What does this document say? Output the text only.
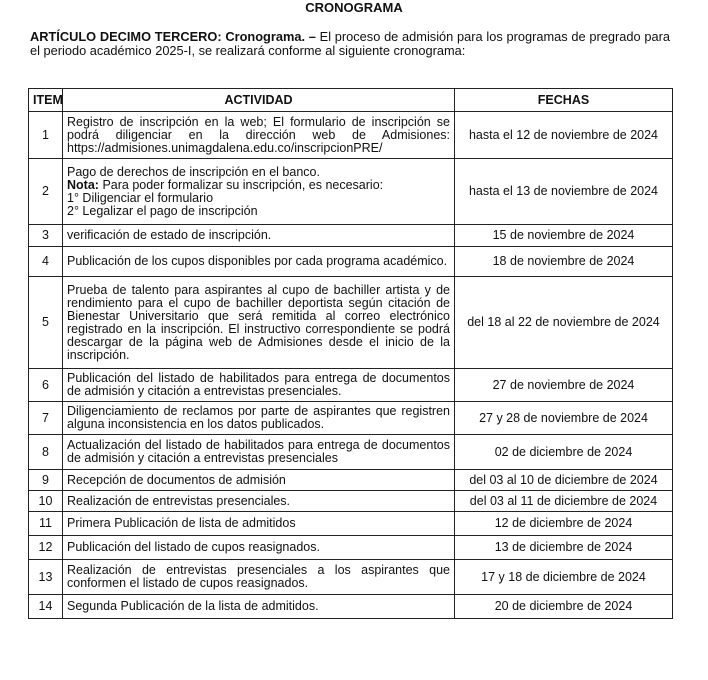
CRONOGRAMA
ARTÍCULO DECIMO TERCERO: Cronograma. – El proceso de admisión para los programas de pregrado para el periodo académico 2025-I, se realizará conforme al siguiente cronograma:
ITEM	ACTIVIDAD	FECHAS
1	Registro de inscripción en la web; El formulario de inscripción se podrá diligenciar en la dirección web de Admisiones: https://admisiones.unimagdalena.edu.co/inscripcionPRE/	hasta el 12 de noviembre de 2024
2	Pago de derechos de inscripción en el banco.
Nota: Para poder formalizar su inscripción, es necesario:
1° Diligenciar el formulario
2° Legalizar el pago de inscripción	hasta el 13 de noviembre de 2024
3	verificación de estado de inscripción.	15 de noviembre de 2024
4	Publicación de los cupos disponibles por cada programa académico.	18 de noviembre de 2024
5	Prueba de talento para aspirantes al cupo de bachiller artista y de rendimiento para el cupo de bachiller deportista según citación de Bienestar Universitario que será remitida al correo electrónico registrado en la inscripción. El instructivo correspondiente se podrá descargar de la página web de Admisiones desde el inicio de la inscripción.	del 18 al 22 de noviembre de 2024
6	Publicación del listado de habilitados para entrega de documentos de admisión y citación a entrevistas presenciales.	27 de noviembre de 2024
7	Diligenciamiento de reclamos por parte de aspirantes que registren alguna inconsistencia en los datos publicados.	27 y 28 de noviembre de 2024
8	Actualización del listado de habilitados para entrega de documentos de admisión y citación a entrevistas presenciales	02 de diciembre de 2024
9	Recepción de documentos de admisión	del 03 al 10 de diciembre de 2024
10	Realización de entrevistas presenciales.	del 03 al 11 de diciembre de 2024
11	Primera Publicación de lista de admitidos	12 de diciembre de 2024
12	Publicación del listado de cupos reasignados.	13 de diciembre de 2024
13	Realización de entrevistas presenciales a los aspirantes que conformen el listado de cupos reasignados.	17 y 18 de diciembre de 2024
14	Segunda Publicación de la lista de admitidos.	20 de diciembre de 2024
